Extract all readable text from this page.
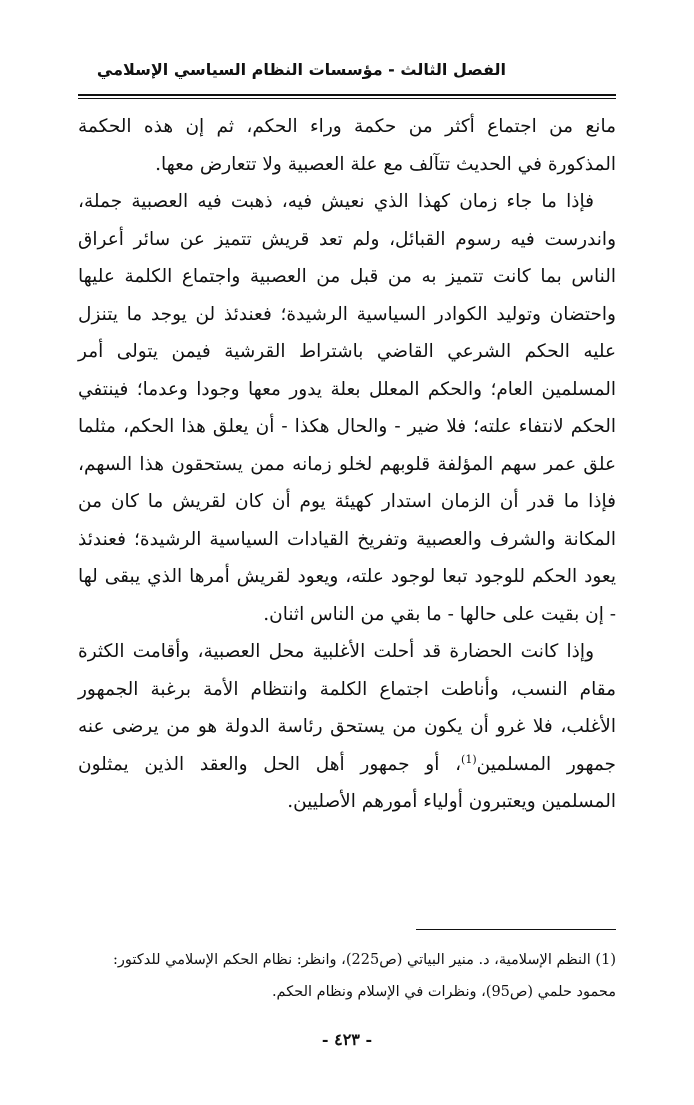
الفصل الثالث - مؤسسات النظام السياسي الإسلامي

مانع من اجتماع أكثر من حكمة وراء الحكم، ثم إن هذه الحكمة المذكورة في الحديث تتآلف مع علة العصبية ولا تتعارض معها.

فإذا ما جاء زمان كهذا الذي نعيش فيه، ذهبت فيه العصبية جملة، واندرست فيه رسوم القبائل، ولم تعد قريش تتميز عن سائر أعراق الناس بما كانت تتميز به من قبل من العصبية واجتماع الكلمة عليها واحتضان وتوليد الكوادر السياسية الرشيدة؛ فعندئذ لن يوجد ما يتنزل عليه الحكم الشرعي القاضي باشتراط القرشية فيمن يتولى أمر المسلمين العام؛ والحكم المعلل بعلة يدور معها وجودا وعدما؛ فينتفي الحكم لانتفاء علته؛ فلا ضير - والحال هكذا - أن يعلق هذا الحكم، مثلما علق عمر سهم المؤلفة قلوبهم لخلو زمانه ممن يستحقون هذا السهم، فإذا ما قدر أن الزمان استدار كهيئة يوم أن كان لقريش ما كان من المكانة والشرف والعصبية وتفريخ القيادات السياسية الرشيدة؛ فعندئذ يعود الحكم للوجود تبعا لوجود علته، ويعود لقريش أمرها الذي يبقى لها - إن بقيت على حالها - ما بقي من الناس اثنان.

وإذا كانت الحضارة قد أحلت الأغلبية محل العصبية، وأقامت الكثرة مقام النسب، وأناطت اجتماع الكلمة وانتظام الأمة برغبة الجمهور الأغلب، فلا غرو أن يكون من يستحق رئاسة الدولة هو من يرضى عنه جمهور المسلمين$^{(1)}$، أو جمهور أهل الحل والعقد الذين يمثلون المسلمين ويعتبرون أولياء أمورهم الأصليين.

(1) النظم الإسلامية، د. منير البياتي (ص225)، وانظر: نظام الحكم الإسلامي للدكتور:
محمود حلمي (ص95)، ونظرات في الإسلام ونظام الحكم.
- ٤٢٣ -
